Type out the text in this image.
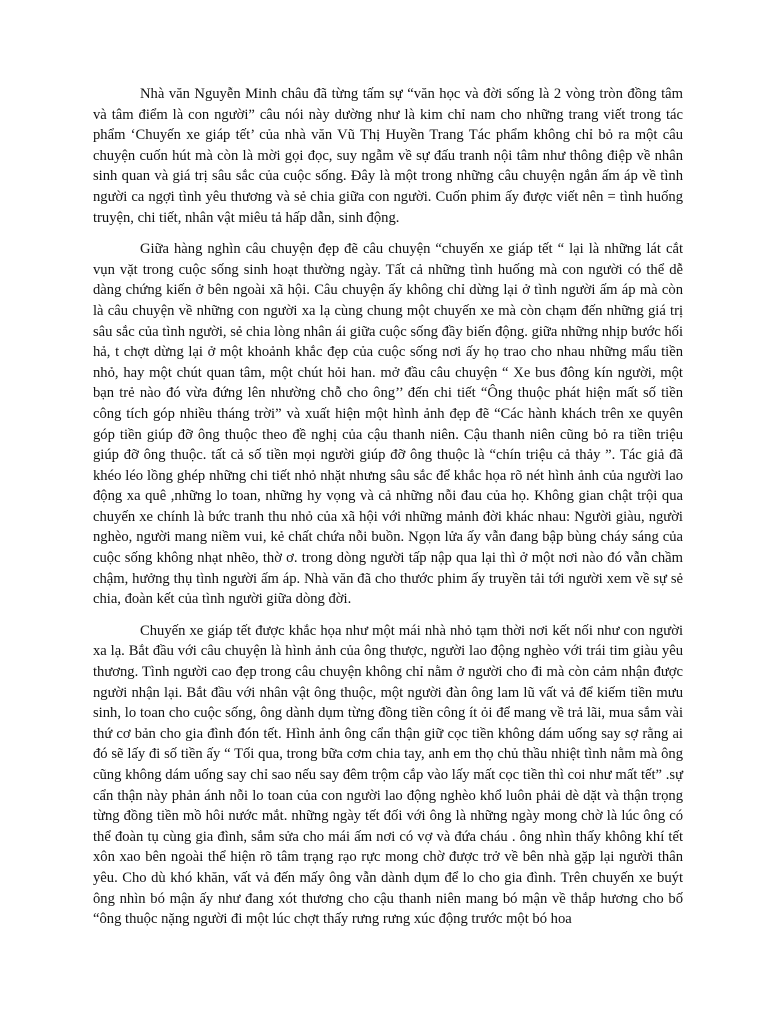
Nhà văn Nguyễn Minh châu đã từng tấm sự “văn học và đời sống là 2 vòng tròn đồng tâm và tâm điểm là con người” câu nói này dường như là kim chỉ nam cho những trang viết trong tác phẩm ‘Chuyến xe giáp tết’ của nhà văn Vũ Thị Huyền Trang Tác phẩm không chỉ bỏ ra một câu chuyện cuốn hút mà còn là mời gọi đọc, suy ngẫm về sự đấu tranh nội tâm như thông điệp về nhân sinh quan và giá trị sâu sắc của cuộc sống. Đây là một trong những câu chuyện ngắn ấm áp về tình người ca ngợi tình yêu thương và sẻ chia giữa con người. Cuốn phim ấy được viết nên = tình huống truyện, chi tiết, nhân vật miêu tả hấp dẫn, sinh động.

Giữa hàng nghìn câu chuyện đẹp đẽ câu chuyện “chuyến xe giáp tết “ lại là những lát cắt vụn vặt trong cuộc sống sinh hoạt thường ngày. Tất cả những tình huống mà con người có thể dễ dàng chứng kiến ở bên ngoài xã hội. Câu chuyện ấy không chỉ dừng lại ở tình người ấm áp mà còn là câu chuyện về những con người xa lạ cùng chung một chuyến xe mà còn chạm đến những giá trị sâu sắc của tình người, sẻ chia lòng nhân ái giữa cuộc sống đầy biến động. giữa những nhịp bước hối hả, t chợt dừng lại ở một khoảnh khắc đẹp của cuộc sống nơi ấy họ trao cho nhau những mẩu tiền nhỏ, hay một chút quan tâm, một chút hỏi han. mở đầu câu chuyện “ Xe bus đông kín người, một bạn trẻ nào đó vừa đứng lên nhường chỗ cho ông’’ đến chi tiết “Ông thuộc phát hiện mất số tiền công tích góp nhiều tháng trời” và xuất hiện một hình ảnh đẹp đẽ “Các hành khách trên xe quyên góp tiền giúp đỡ ông thuộc theo đề nghị của cậu thanh niên. Cậu thanh niên cũng bỏ ra tiền triệu giúp đỡ ông thuộc. tất cả số tiền mọi người giúp đỡ ông thuộc là “chín triệu cả thảy ”. Tác giả đã khéo léo lồng ghép những chi tiết nhỏ nhặt nhưng sâu sắc để khắc họa rõ nét hình ảnh của người lao động xa quê ,những lo toan, những hy vọng và cả những nỗi đau của họ. Không gian chật trội qua chuyến xe chính là bức tranh thu nhỏ của xã hội với những mảnh đời khác nhau: Người giàu, người nghèo, người mang niềm vui, kẻ chất chứa nỗi buồn. Ngọn lửa ấy vẫn đang bập bùng cháy sáng của cuộc sống không nhạt nhẽo, thờ ơ. trong dòng người tấp nập qua lại thì ở một nơi nào đó vẫn chầm chậm, hưởng thụ tình người ấm áp. Nhà văn đã cho thước phim ấy truyền tải tới người xem về sự sẻ chia, đoàn kết của tình người giữa dòng đời.

Chuyến xe giáp tết được khắc họa như một mái nhà nhỏ tạm thời nơi kết nối như con người xa lạ. Bắt đầu với câu chuyện là hình ảnh của ông thược, người lao động nghèo với trái tim giàu yêu thương. Tình người cao đẹp trong câu chuyện không chỉ nằm ở người cho đi mà còn cảm nhận được người nhận lại. Bắt đầu với nhân vật ông thuộc, một người đàn ông lam lũ vất vả để kiếm tiền mưu sinh, lo toan cho cuộc sống, ông dành dụm từng đồng tiền công ít ỏi để mang về trả lãi, mua sắm vài thứ cơ bản cho gia đình đón tết. Hình ảnh ông cẩn thận giữ cọc tiền không dám uống say sợ rằng ai đó sẽ lấy đi số tiền ấy “ Tối qua, trong bữa cơm chia tay, anh em thọ chủ thầu nhiệt tình nằm mà ông cũng không dám uống say chỉ sao nếu say đêm trộm cắp vào lấy mất cọc tiền thì coi như mất tết” .sự cẩn thận này phản ánh nỗi lo toan của con người lao động nghèo khổ luôn phải dè dặt và thận trọng từng đồng tiền mồ hôi nước mắt. những ngày tết đối với ông là những ngày mong chờ là lúc ông có thể đoàn tụ cùng gia đình, sắm sửa cho mái ấm nơi có vợ và đứa cháu . ông nhìn thấy không khí tết xôn xao bên ngoài thể hiện rõ tâm trạng rạo rực mong chờ được trở về bên nhà gặp lại người thân yêu. Cho dù khó khăn, vất vả đến mấy ông vẫn dành dụm để lo cho gia đình. Trên chuyến xe buýt ông nhìn bó mận ấy như đang xót thương cho cậu thanh niên mang bó mận về thắp hương cho bố “ông thuộc nặng người đi một lúc chợt thấy rưng rưng xúc động trước một bó hoa
